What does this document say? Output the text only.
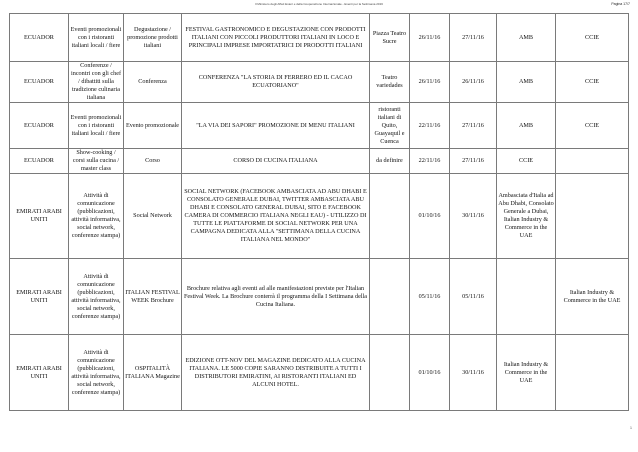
Il Ministero degli Affari Esteri e della Cooperazione Internazionale - Eventi per la Settimana 2016	Pagina 17/7
ECUADOR	Eventi promozionali con i ristoranti italiani locali / fiere	Degustazione / promozione prodotti italiani	FESTIVAL GASTRONOMICO E DEGUSTAZIONE CON PRODOTTI ITALIANI CON PICCOLI PRODUTTORI ITALIANI IN LOCO E PRINCIPALI IMPRESE IMPORTATRICI DI PRODOTTI ITALIANI	Piazza Teatro Sucre	26/11/16	27/11/16	AMB	CCIE
ECUADOR	Conferenze / incontri con gli chef / dibattiti sulla tradizione culinaria italiana	Conferenza	CONFERENZA "LA STORIA DI FERRERO ED IL CACAO ECUATORIANO"	Teatro variedades	26/11/16	26/11/16	AMB	CCIE
ECUADOR	Eventi promozionali con i ristoranti italiani locali / fiere	Evento promozionale	"LA VIA DEI SAPORI" PROMOZIONE DI MENU ITALIANI	ristoranti italiani di Quito, Guayaquil e Cuenca	22/11/16	27/11/16	AMB	CCIE
ECUADOR	Show-cooking / corsi sulla cucina / master class	Corso	CORSO DI CUCINA ITALIANA	da definire	22/11/16	27/11/16	CCIE	
EMIRATI ARABI UNITI	Attività di comunicazione (pubblicazioni, attività informativa, social network, conferenze stampa)	Social Network	SOCIAL NETWORK (FACEBOOK AMBASCIATA AD ABU DHABI E CONSOLATO GENERALE DUBAI, TWITTER AMBASCIATA ABU DHABI E CONSOLATO GENERAL DUBAI, SITO E FACEBOOK CAMERA DI COMMERCIO ITALIANA NEGLI EAU) - UTILIZZO DI TUTTE LE PIATTAFORME DI SOCIAL NETWORK PER UNA CAMPAGNA DEDICATA ALLA "SETTIMANA DELLA CUCINA ITALIANA NEL MONDO"		01/10/16	30/11/16	Ambasciata d'Italia ad Abu Dhabi, Consolato Generale a Dubai, Italian Industry & Commerce in the UAE	
EMIRATI ARABI UNITI	Attività di comunicazione (pubblicazioni, attività informativa, social network, conferenze stampa)	ITALIAN FESTIVAL WEEK Brochure	Brochure relativa agli eventi ad alle manifestazioni previste per l'Italian Festival Week. La Brochure conterrà il programma della I Settimana della Cucina Italiana.		05/11/16	05/11/16		Italian Industry & Commerce in the UAE
EMIRATI ARABI UNITI	Attività di comunicazione (pubblicazioni, attività informativa, social network, conferenze stampa)	OSPITALITÀ ITALIANA Magazine	EDIZIONE OTT-NOV DEL MAGAZINE DEDICATO ALLA CUCINA ITALIANA. LE 5000 COPIE SARANNO DISTRIBUITE A TUTTI I DISTRIBUTORI EMIRATINI, AI RISTORANTI ITALIANI ED ALCUNI HOTEL.		01/10/16	30/11/16	Italian Industry & Commerce in the UAE	
1
